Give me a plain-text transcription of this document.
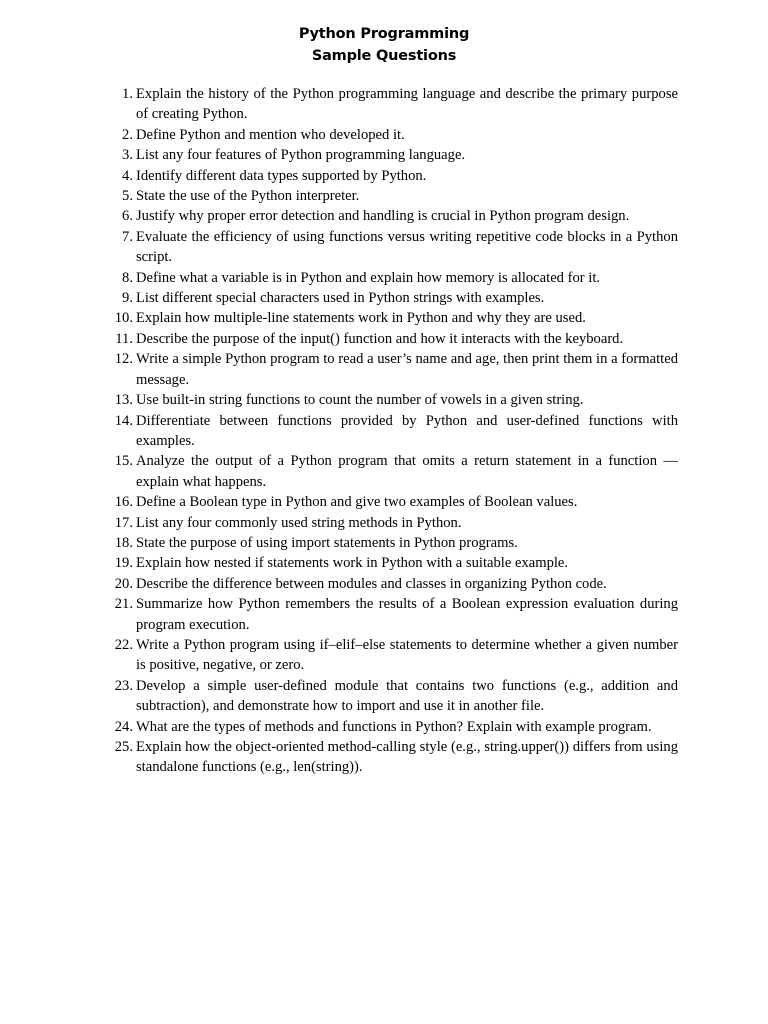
Python Programming
Sample Questions
1. Explain the history of the Python programming language and describe the primary purpose of creating Python.
2. Define Python and mention who developed it.
3. List any four features of Python programming language.
4. Identify different data types supported by Python.
5. State the use of the Python interpreter.
6. Justify why proper error detection and handling is crucial in Python program design.
7. Evaluate the efficiency of using functions versus writing repetitive code blocks in a Python script.
8. Define what a variable is in Python and explain how memory is allocated for it.
9. List different special characters used in Python strings with examples.
10. Explain how multiple-line statements work in Python and why they are used.
11. Describe the purpose of the input() function and how it interacts with the keyboard.
12. Write a simple Python program to read a user’s name and age, then print them in a formatted message.
13. Use built-in string functions to count the number of vowels in a given string.
14. Differentiate between functions provided by Python and user-defined functions with examples.
15. Analyze the output of a Python program that omits a return statement in a function — explain what happens.
16. Define a Boolean type in Python and give two examples of Boolean values.
17. List any four commonly used string methods in Python.
18. State the purpose of using import statements in Python programs.
19. Explain how nested if statements work in Python with a suitable example.
20. Describe the difference between modules and classes in organizing Python code.
21. Summarize how Python remembers the results of a Boolean expression evaluation during program execution.
22. Write a Python program using if–elif–else statements to determine whether a given number is positive, negative, or zero.
23. Develop a simple user-defined module that contains two functions (e.g., addition and subtraction), and demonstrate how to import and use it in another file.
24. What are the types of methods and functions in Python? Explain with example program.
25. Explain how the object-oriented method-calling style (e.g., string.upper()) differs from using standalone functions (e.g., len(string)).
